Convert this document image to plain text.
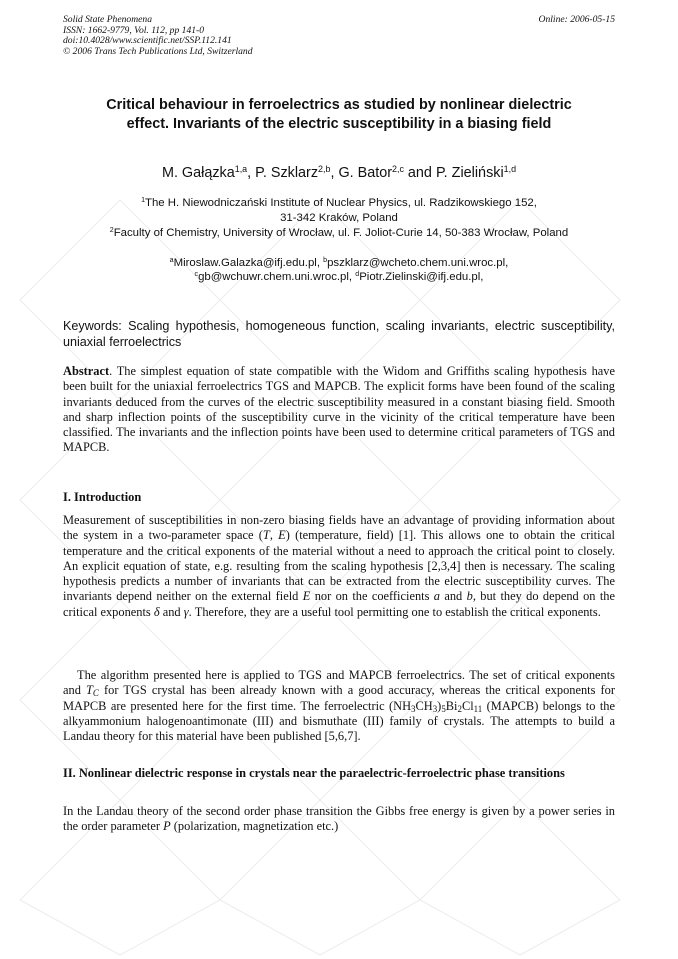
Solid State Phenomena
ISSN: 1662-9779, Vol. 112, pp 141-0
doi:10.4028/www.scientific.net/SSP.112.141
© 2006 Trans Tech Publications Ltd, Switzerland
Online: 2006-05-15
Critical behaviour in ferroelectrics as studied by nonlinear dielectric
effect. Invariants of the electric susceptibility in a biasing field
M. Gałązka$^{1,a}$, P. Szklarz$^{2,b}$, G. Bator$^{2,c}$ and P. Zieliński$^{1,d}$
$^1$The H. Niewodniczański Institute of Nuclear Physics, ul. Radzikowskiego 152,
31-342 Kraków, Poland
$^2$Faculty of Chemistry, University of Wrocław, ul. F. Joliot-Curie 14, 50-383 Wrocław, Poland
$^a$Miroslaw.Galazka@ifj.edu.pl, $^b$pszklarz@wcheto.chem.uni.wroc.pl,
$^c$gb@wchuwr.chem.uni.wroc.pl, $^d$Piotr.Zielinski@ifj.edu.pl,
Keywords: Scaling hypothesis, homogeneous function, scaling invariants, electric susceptibility, uniaxial ferroelectrics
Abstract. The simplest equation of state compatible with the Widom and Griffiths scaling hypothesis have been built for the uniaxial ferroelectrics TGS and MAPCB. The explicit forms have been found of the scaling invariants deduced from the curves of the electric susceptibility measured in a constant biasing field. Smooth and sharp inflection points of the susceptibility curve in the vicinity of the critical temperature have been classified. The invariants and the inflection points have been used to determine critical parameters of TGS and MAPCB.
I. Introduction
Measurement of susceptibilities in non-zero biasing fields have an advantage of providing information about the system in a two-parameter space (T, E) (temperature, field) [1]. This allows one to obtain the critical temperature and the critical exponents of the material without a need to approach the critical point to closely. An explicit equation of state, e.g. resulting from the scaling hypothesis [2,3,4] then is necessary. The scaling hypothesis predicts a number of invariants that can be extracted from the electric susceptibility curves. The invariants depend neither on the external field E nor on the coefficients a and b, but they do depend on the critical exponents δ and γ. Therefore, they are a useful tool permitting one to establish the critical exponents.
The algorithm presented here is applied to TGS and MAPCB ferroelectrics. The set of critical exponents and $T_C$ for TGS crystal has been already known with a good accuracy, whereas the critical exponents for MAPCB are presented here for the first time. The ferroelectric $(NH_3CH_3)_5Bi_2Cl_{11}$ (MAPCB) belongs to the alkyammonium halogenoantimonate (III) and bismuthate (III) family of crystals. The attempts to build a Landau theory for this material have been published [5,6,7].
II. Nonlinear dielectric response in crystals near the paraelectric-ferroelectric phase transitions
In the Landau theory of the second order phase transition the Gibbs free energy is given by a power series in the order parameter P (polarization, magnetization etc.)
